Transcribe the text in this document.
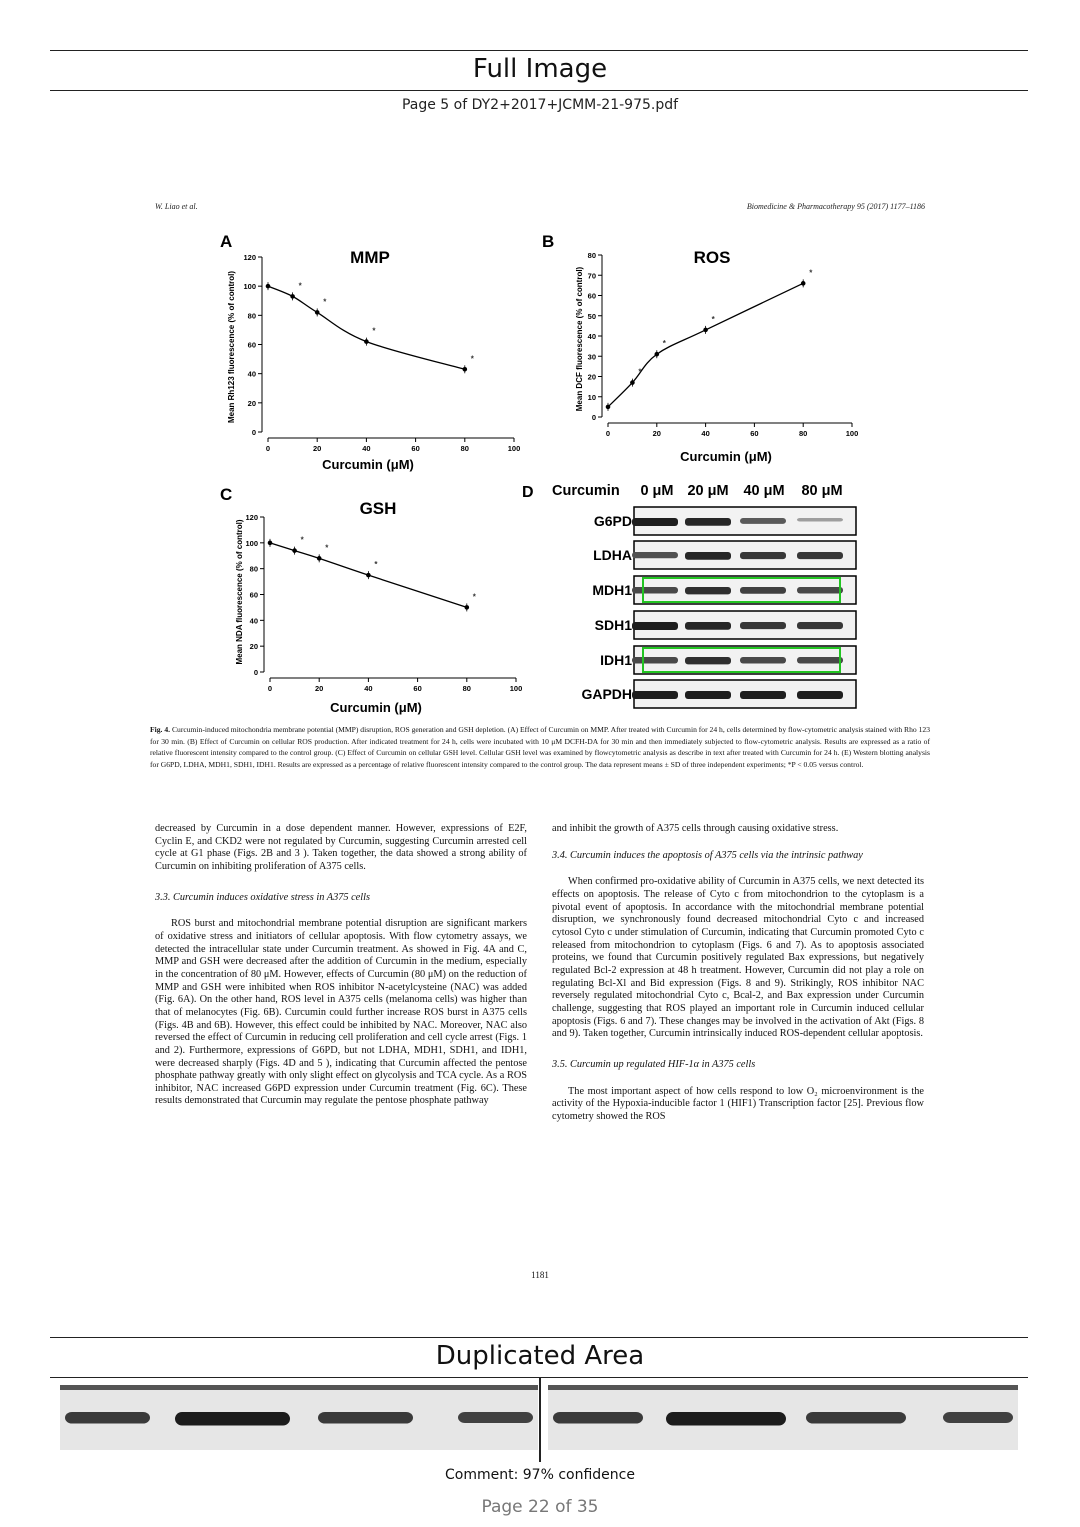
Full Image
Page 5 of DY2+2017+JCMM-21-975.pdf
W. Liao et al.	Biomedicine & Pharmacotherapy 95 (2017) 1177–1186
A
MMP
Mean Rh123 fluorescence (% of control)
Curcumin (μM)
0
20
40
60
80
100
120
0	20	40	60	80	100
*
*
*
*
B
ROS
Mean DCF fluorescence (% of control)
Curcumin (μM)
0
10
20
30
40
50
60
70
80
0	20	40	60	80	100
*
*
*
*
C
GSH
Mean NDA fluorescence (% of control)
Curcumin (μM)
0
20
40
60
80
100
120
0	20	40	60	80	100
*
*
*
*
D Curcumin 0 μM 20 μM 40 μM 80 μM
G6PD
LDHA
MDH1
SDH1
IDH1
GAPDH

Fig. 4. Curcumin-induced mitochondria membrane potential (MMP) disruption, ROS generation and GSH depletion. (A) Effect of Curcumin on MMP. After treated with Curcumin for 24 h, cells determined by flow-cytometric analysis stained with Rho 123 for 30 min. (B) Effect of Curcumin on cellular ROS production. After indicated treatment for 24 h, cells were incubated with 10 μM DCFH-DA for 30 min and then immediately subjected to flow-cytometric analysis. Results are expressed as a ratio of relative fluorescent intensity compared to the control group. (C) Effect of Curcumin on cellular GSH level. Cellular GSH level was examined by flowcytometric analysis as describe in text after treated with Curcumin for 24 h. (E) Western blotting analysis for G6PD, LDHA, MDH1, SDH1, IDH1. Results are expressed as a percentage of relative fluorescent intensity compared to the control group. The data represent means ± SD of three independent experiments; *P < 0.05 versus control.

decreased by Curcumin in a dose dependent manner. However, expressions of E2F, Cyclin E, and CKD2 were not regulated by Curcumin, suggesting Curcumin arrested cell cycle at G1 phase (Figs. 2B and 3 ). Taken together, the data showed a strong ability of Curcumin on inhibiting proliferation of A375 cells.

3.3. Curcumin induces oxidative stress in A375 cells

ROS burst and mitochondrial membrane potential disruption are significant markers of oxidative stress and initiators of cellular apoptosis. With flow cytometry assays, we detected the intracellular state under Curcumin treatment. As showed in Fig. 4A and C, MMP and GSH were decreased after the addition of Curcumin in the medium, especially in the concentration of 80 μM. However, effects of Curcumin (80 μM) on the reduction of MMP and GSH were inhibited when ROS inhibitor N-acetylcysteine (NAC) was added (Fig. 6A). On the other hand, ROS level in A375 cells (melanoma cells) was higher than that of melanocytes (Fig. 6B). Curcumin could further increase ROS burst in A375 cells (Figs. 4B and 6B). However, this effect could be inhibited by NAC. Moreover, NAC also reversed the effect of Curcumin in reducing cell proliferation and cell cycle arrest (Figs. 1 and 2). Furthermore, expressions of G6PD, but not LDHA, MDH1, SDH1, and IDH1, were decreased sharply (Figs. 4D and 5 ), indicating that Curcumin affected the pentose phosphate pathway greatly with only slight effect on glycolysis and TCA cycle. As a ROS inhibitor, NAC increased G6PD expression under Curcumin treatment (Fig. 6C). These results demonstrated that Curcumin may regulate the pentose phosphate pathway

and inhibit the growth of A375 cells through causing oxidative stress.

3.4. Curcumin induces the apoptosis of A375 cells via the intrinsic pathway

When confirmed pro-oxidative ability of Curcumin in A375 cells, we next detected its effects on apoptosis. The release of Cyto c from mitochondrion to the cytoplasm is a pivotal event of apoptosis. In accordance with the mitochondrial membrane potential disruption, we synchronously found decreased mitochondrial Cyto c and increased cytosol Cyto c under stimulation of Curcumin, indicating that Curcumin promoted Cyto c released from mitochondrion to cytoplasm (Figs. 6 and 7). As to apoptosis associated proteins, we found that Curcumin positively regulated Bax expressions, but negatively regulated Bcl-2 expression at 48 h treatment. However, Curcumin did not play a role on regulating Bcl-Xl and Bid expression (Figs. 8 and 9). Strikingly, ROS inhibitor NAC reversely regulated mitochondrial Cyto c, Bcal-2, and Bax expression under Curcumin challenge, suggesting that ROS played an important role in Curcumin induced cellular apoptosis (Figs. 6 and 7). These changes may be involved in the activation of Akt (Figs. 8 and 9). Taken together, Curcumin intrinsically induced ROS-dependent cellular apoptosis.

3.5. Curcumin up regulated HIF-1α in A375 cells

The most important aspect of how cells respond to low O₂ microenvironment is the activity of the Hypoxia-inducible factor 1 (HIF1) Transcription factor [25]. Previous flow cytometry showed the ROS

1181
Duplicated Area
Comment: 97% confidence
Page 22 of 35
